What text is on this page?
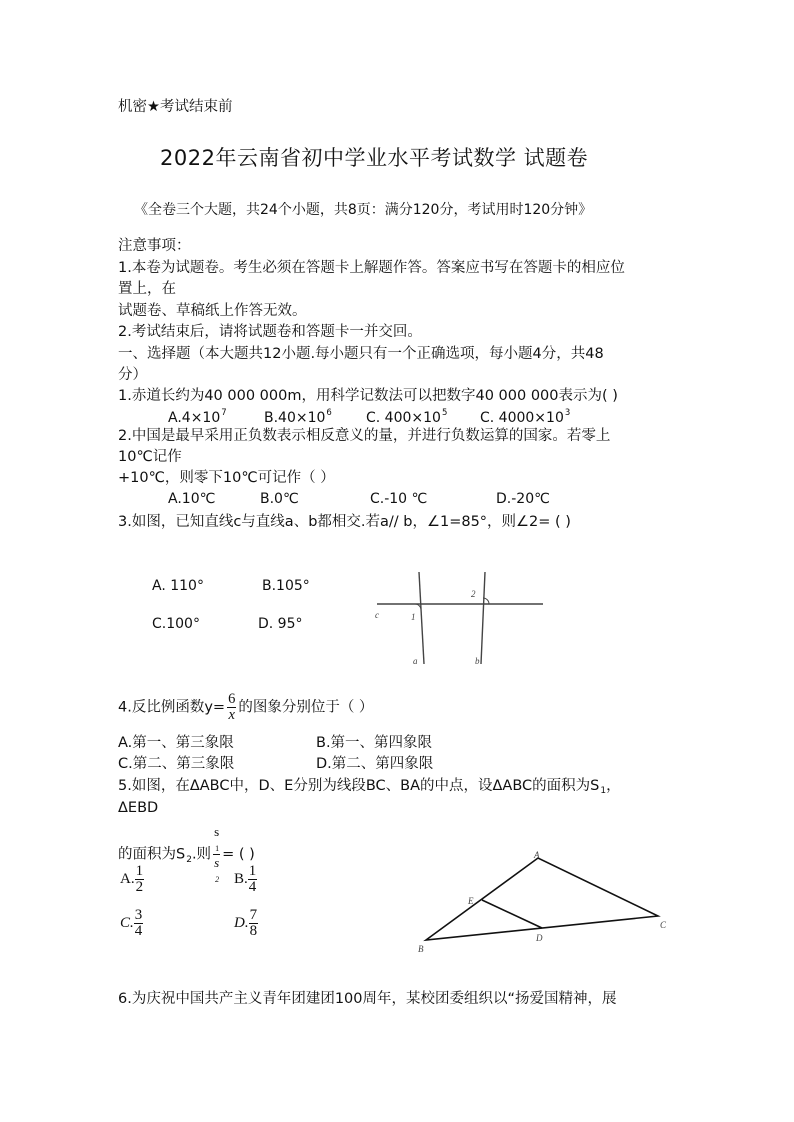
机密★考试结束前
2022年云南省初中学业水平考试数学 试题卷
《全卷三个大题，共24个小题，共8页：满分120分，考试用时120分钟》
注意事项：
1.本卷为试题卷。考生必须在答题卡上解题作答。答案应书写在答题卡的相应位
置上，在
试题卷、草稿纸上作答无效。
2.考试结束后，请将试题卷和答题卡一并交回。
一、选择题（本大题共12小题.每小题只有一个正确选项，每小题4分，共48
分）
1.赤道长约为40 000 000m，用科学记数法可以把数字40 000 000表示为( )
$A.4\times 10^7$	$B.40\times 10^6$ C. $400\times 10^5$ C. $4000\times 10^3$
2.中国是最早采用正负数表示相反意义的量，并进行负数运算的国家。若零上
10℃记作
+10℃，则零下10℃可记作（ ）
A.10℃	B.0℃	C.-10 ℃	D.-20℃
3.如图，已知直线c与直线a、b都相交.若a// b，∠1=85°，则∠2= ( )
A. 110°	B.105°
C.100°	D. 95°	1
2
a	b
c
4.反比例函数$y= \frac{6}{x}$ 的图象分别位于（ ）
A.第一、第三象限	B.第一、第四象限
C.第二、第三象限	D.第二、第四象限
5.如图，在ΔABC中，D、E分别为线段BC、BA的中点，设ΔABC的面积为$S_1$，
ΔEBD
的面积为$S_2$.则 s
1
s
2 = ( )
A. $\frac{1}{2}$	B. $\frac{1}{4}$
C. $\frac{3}{4}$	D. $\frac{7}{8}$
A
B
C
D
E
6.为庆祝中国共产主义青年团建团100周年，某校团委组织以“扬爱国精神，展
